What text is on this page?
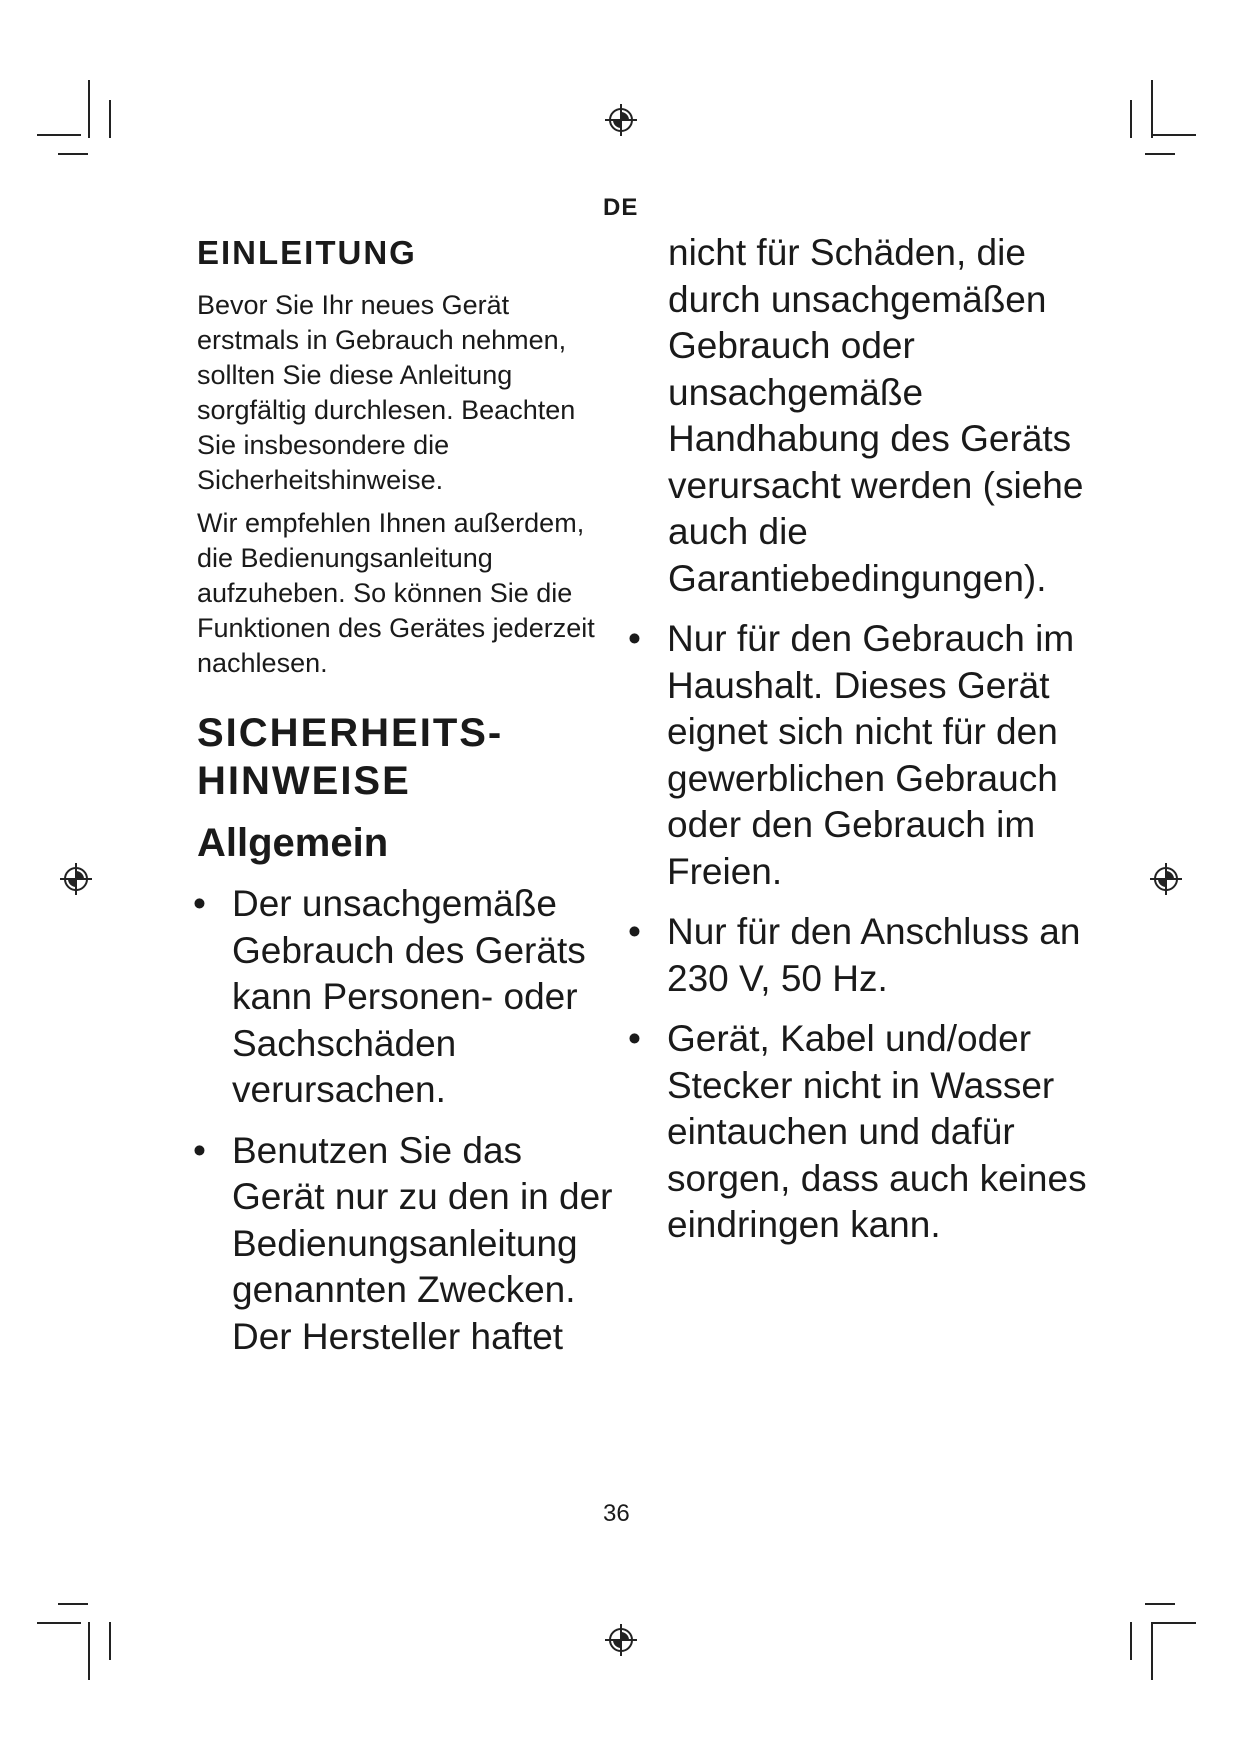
DE
EINLEITUNG

Bevor Sie Ihr neues Gerät erstmals in Gebrauch nehmen, sollten Sie diese Anleitung sorgfältig durchlesen. Beachten Sie insbesondere die Sicherheitshinweise.

Wir empfehlen Ihnen außerdem, die Bedienungsanleitung aufzuheben. So können Sie die Funktionen des Gerätes jederzeit nachlesen.

SICHERHEITS-HINWEISE
Allgemein
• Der unsachgemäße Gebrauch des Geräts kann Personen- oder Sachschäden verursachen.
• Benutzen Sie das Gerät nur zu den in der Bedienungsanleitung genannten Zwecken. Der Hersteller haftet

nicht für Schäden, die durch unsachgemäßen Gebrauch oder unsachgemäße Handhabung des Geräts verursacht werden (siehe auch die Garantiebedingungen).

• Nur für den Gebrauch im Haushalt. Dieses Gerät eignet sich nicht für den gewerblichen Gebrauch oder den Gebrauch im Freien.
• Nur für den Anschluss an 230 V, 50 Hz.
• Gerät, Kabel und/oder Stecker nicht in Wasser eintauchen und dafür sorgen, dass auch keines eindringen kann.
36
